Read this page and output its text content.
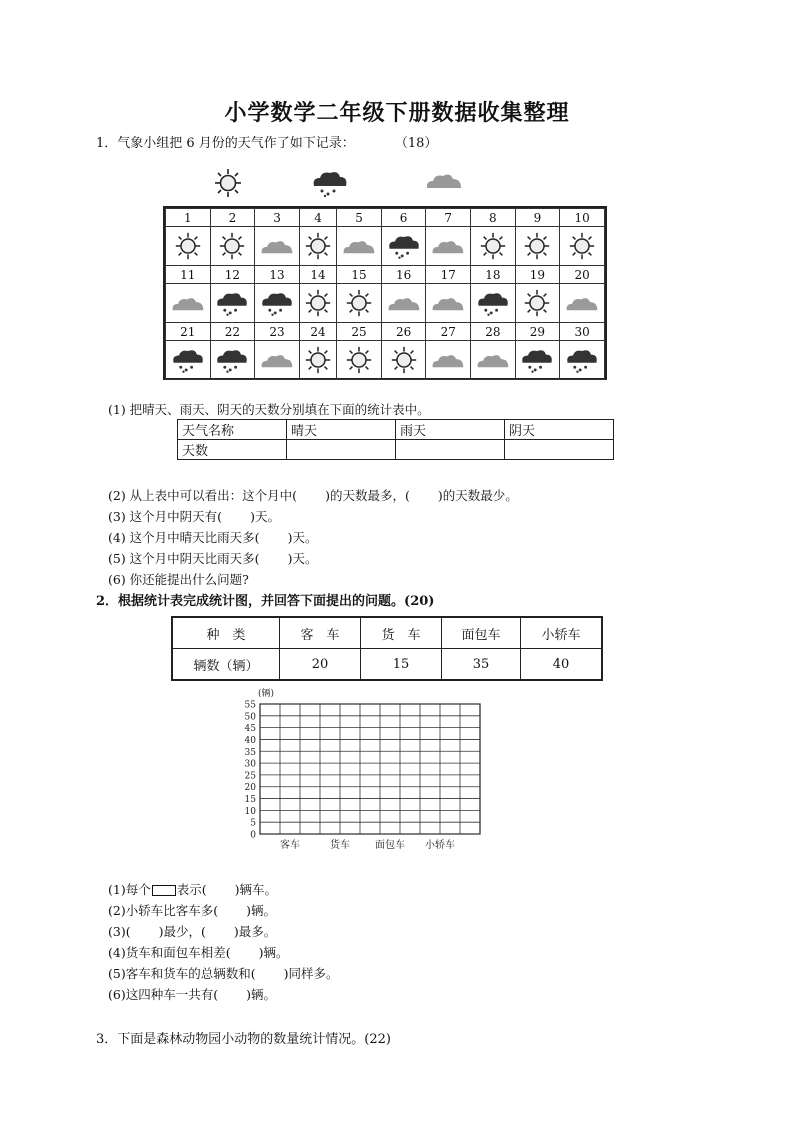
小学数学二年级下册数据收集整理
1．气象小组把 6 月份的天气作了如下记录：	（18）
1	2	3	4	5	6	7	8	9	10

11	12	13	14	15	16	17	18	19	20

21	22	23	24	25	26	27	28	29	30

(1) 把晴天、雨天、阴天的天数分别填在下面的统计表中。
天气名称	晴天	雨天	阴天
天数			
(2) 从上表中可以看出：这个月中( )的天数最多，( )的天数最少。
(3) 这个月中阴天有( )天。
(4) 这个月中晴天比雨天多( )天。
(5) 这个月中阴天比雨天多( )天。
(6) 你还能提出什么问题?
2．根据统计表完成统计图，并回答下面提出的问题。(20)
种　类	客　车	货　车	面包车	小轿车
辆数（辆）	20	15	35	40
0
5
10
15
20
25
30
35
40
45
50
55
(辆)
客车	货车	面包车 小轿车
(1)每个 表示( )辆车。
(2)小轿车比客车多( )辆。
(3)( )最少，( )最多。
(4)货车和面包车相差( )辆。
(5)客车和货车的总辆数和( )同样多。
(6)这四种车一共有( )辆。
3．下面是森林动物园小动物的数量统计情况。(22)
